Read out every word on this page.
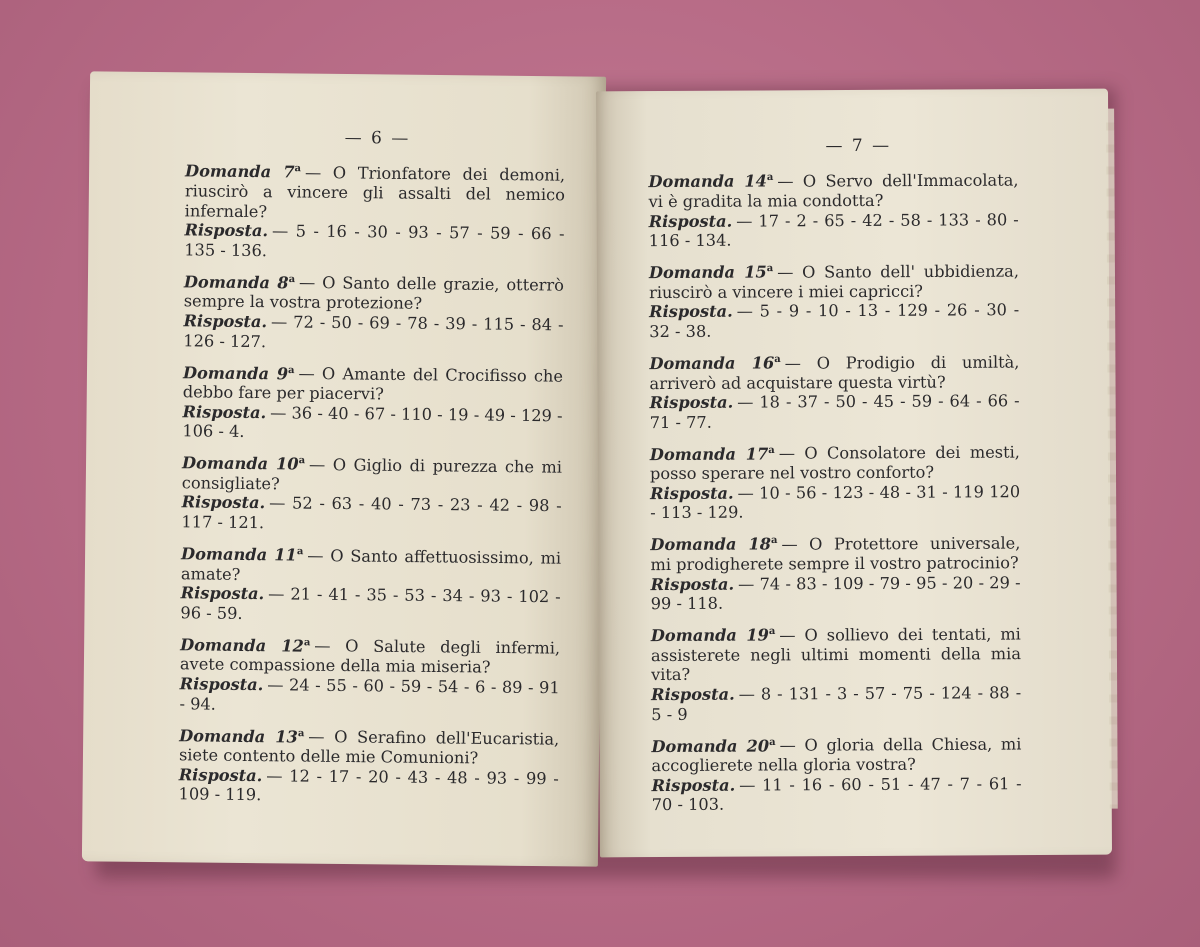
— 6 —
Domanda 7$^a$ — O Trionfatore dei demoni, riuscirò a vincere gli assalti del nemico infernale?
Risposta. — 5 - 16 - 30 - 93 - 57 - 59 - 66 - 135 - 136.
Domanda 8$^a$ — O Santo delle grazie, otterrò sempre la vostra protezione?
Risposta. — 72 - 50 - 69 - 78 - 39 - 115 - 84 - 126 - 127.
Domanda 9$^a$ — O Amante del Crocifisso che debbo fare per piacervi?
Risposta. — 36 - 40 - 67 - 110 - 19 - 49 - 129 - 106 - 4.
Domanda 10$^a$ — O Giglio di purezza che mi consigliate?
Risposta. — 52 - 63 - 40 - 73 - 23 - 42 - 98 - 117 - 121.
Domanda 11$^a$ — O Santo affettuosissimo, mi amate?
Risposta. — 21 - 41 - 35 - 53 - 34 - 93 - 102 - 96 - 59.
Domanda 12$^a$ — O Salute degli infermi, avete compassione della mia miseria?
Risposta. — 24 - 55 - 60 - 59 - 54 - 6 - 89 - 91 - 94.
Domanda 13$^a$ — O Serafino dell'Eucaristia, siete contento delle mie Comunioni?
Risposta. — 12 - 17 - 20 - 43 - 48 - 93 - 99 - 109 - 119.
— 7 —
Domanda 14$^a$ — O Servo dell'Immacolata, vi è gradita la mia condotta?
Risposta. — 17 - 2 - 65 - 42 - 58 - 133 - 80 - 116 - 134.
Domanda 15$^a$ — O Santo dell' ubbidienza, riuscirò a vincere i miei capricci?
Risposta. — 5 - 9 - 10 - 13 - 129 - 26 - 30 - 32 - 38.
Domanda 16$^a$ — O Prodigio di umiltà, arriverò ad acquistare questa virtù?
Risposta. — 18 - 37 - 50 - 45 - 59 - 64 - 66 - 71 - 77.
Domanda 17$^a$ — O Consolatore dei mesti, posso sperare nel vostro conforto?
Risposta. — 10 - 56 - 123 - 48 - 31 - 119 120 - 113 - 129.
Domanda 18$^a$ — O Protettore universale, mi prodigherete sempre il vostro patrocinio?
Risposta. — 74 - 83 - 109 - 79 - 95 - 20 - 29 - 99 - 118.
Domanda 19$^a$ — O sollievo dei tentati, mi assisterete negli ultimi momenti della mia vita?
Risposta. — 8 - 131 - 3 - 57 - 75 - 124 - 88 - 5 - 9
Domanda 20$^a$ — O gloria della Chiesa, mi accoglierete nella gloria vostra?
Risposta. — 11 - 16 - 60 - 51 - 47 - 7 - 61 - 70 - 103.
